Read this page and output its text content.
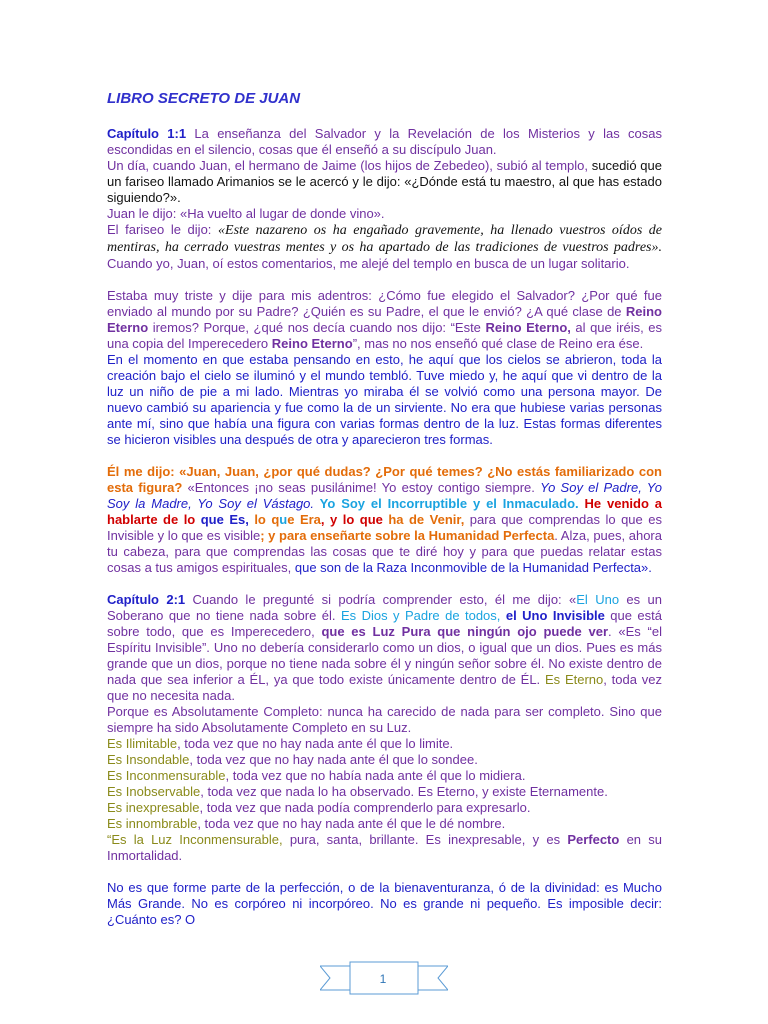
LIBRO SECRETO DE JUAN

Capítulo 1:1 La enseñanza del Salvador y la Revelación de los Misterios y las cosas escondidas en el silencio, cosas que él enseñó a su discípulo Juan.
Un día, cuando Juan, el hermano de Jaime (los hijos de Zebedeo), subió al templo, sucedió que un fariseo llamado Arimanios se le acercó y le dijo: «¿Dónde está tu maestro, al que has estado siguiendo?».
Juan le dijo: «Ha vuelto al lugar de donde vino».
El fariseo le dijo: «Este nazareno os ha engañado gravemente, ha llenado vuestros oídos de mentiras, ha cerrado vuestras mentes y os ha apartado de las tradiciones de vuestros padres». Cuando yo, Juan, oí estos comentarios, me alejé del templo en busca de un lugar solitario.

Estaba muy triste y dije para mis adentros: ¿Cómo fue elegido el Salvador? ¿Por qué fue enviado al mundo por su Padre? ¿Quién es su Padre, el que le envió? ¿A qué clase de Reino Eterno iremos? Porque, ¿qué nos decía cuando nos dijo: “Este Reino Eterno, al que iréis, es una copia del Imperecedero Reino Eterno”, mas no nos enseñó qué clase de Reino era ése.
En el momento en que estaba pensando en esto, he aquí que los cielos se abrieron, toda la creación bajo el cielo se iluminó y el mundo tembló. Tuve miedo y, he aquí que vi dentro de la luz un niño de pie a mi lado. Mientras yo miraba él se volvió como una persona mayor. De nuevo cambió su apariencia y fue como la de un sirviente. No era que hubiese varias personas ante mí, sino que había una figura con varias formas dentro de la luz. Estas formas diferentes se hicieron visibles una después de otra y aparecieron tres formas.

Él me dijo: «Juan, Juan, ¿por qué dudas? ¿Por qué temes? ¿No estás familiarizado con esta figura? «Entonces ¡no seas pusilánime! Yo estoy contigo siempre. Yo Soy el Padre, Yo Soy la Madre, Yo Soy el Vástago. Yo Soy el Incorruptible y el Inmaculado. He venido a hablarte de lo que Es, lo que Era, y lo que ha de Venir, para que comprendas lo que es Invisible y lo que es visible; y para enseñarte sobre la Humanidad Perfecta. Alza, pues, ahora tu cabeza, para que comprendas las cosas que te diré hoy y para que puedas relatar estas cosas a tus amigos espirituales, que son de la Raza Inconmovible de la Humanidad Perfecta».

Capítulo 2:1 Cuando le pregunté si podría comprender esto, él me dijo: «El Uno es un Soberano que no tiene nada sobre él. Es Dios y Padre de todos, el Uno Invisible que está sobre todo, que es Imperecedero, que es Luz Pura que ningún ojo puede ver. «Es “el Espíritu Invisible”. Uno no debería considerarlo como un dios, o igual que un dios. Pues es más grande que un dios, porque no tiene nada sobre él y ningún señor sobre él. No existe dentro de nada que sea inferior a ÉL, ya que todo existe únicamente dentro de ÉL. Es Eterno, toda vez que no necesita nada.
Porque es Absolutamente Completo: nunca ha carecido de nada para ser completo. Sino que siempre ha sido Absolutamente Completo en su Luz.
Es Ilimitable, toda vez que no hay nada ante él que lo limite.
Es Insondable, toda vez que no hay nada ante él que lo sondee.
Es Inconmensurable, toda vez que no había nada ante él que lo midiera.
Es Inobservable, toda vez que nada lo ha observado. Es Eterno, y existe Eternamente.
Es inexpresable, toda vez que nada podía comprenderlo para expresarlo.
Es innombrable, toda vez que no hay nada ante él que le dé nombre.
“Es la Luz Inconmensurable, pura, santa, brillante. Es inexpresable, y es Perfecto en su Inmortalidad.

No es que forme parte de la perfección, o de la bienaventuranza, ó de la divinidad: es Mucho Más Grande. No es corpóreo ni incorpóreo. No es grande ni pequeño. Es imposible decir: ¿Cuánto es? O

1
